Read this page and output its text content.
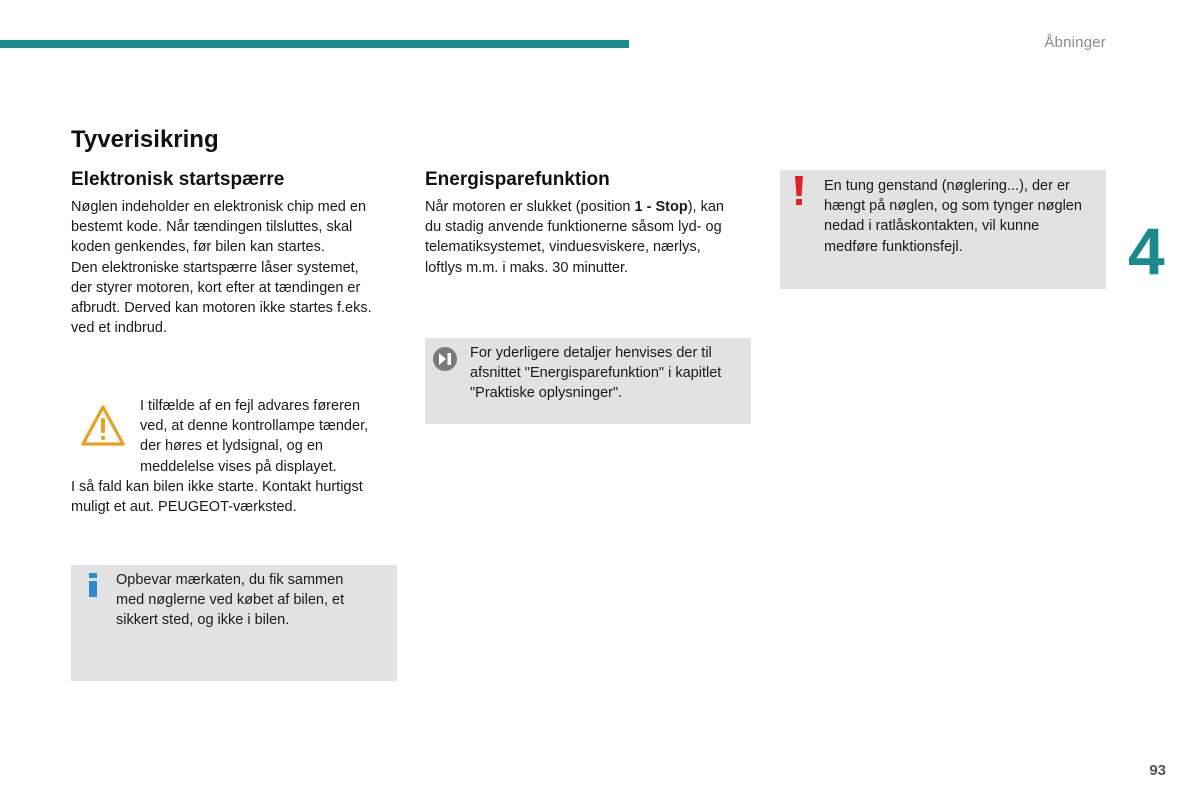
Åbninger
4
93
Tyverisikring
Elektronisk startspærre

Nøglen indeholder en elektronisk chip med en

bestemt kode. Når tændingen tilsluttes, skal

koden genkendes, før bilen kan startes.

Den elektroniske startspærre låser systemet,

der styrer motoren, kort efter at tændingen er

afbrudt. Derved kan motoren ikke startes f.eks.

ved et indbrud.

I tilfælde af en fejl advares føreren

ved, at denne kontrollampe tænder,

der høres et lydsignal, og en

meddelelse vises på displayet.

I så fald kan bilen ikke starte. Kontakt hurtigst

muligt et aut. PEUGEOT-værksted.

Opbevar mærkaten, du fik sammen
med nøglerne ved købet af bilen, et
sikkert sted, og ikke i bilen.
Energisparefunktion

Når motoren er slukket (position 1 - Stop), kan

du stadig anvende funktionerne såsom lyd- og

telematiksystemet, vinduesviskere, nærlys,

loftlys m.m. i maks. 30 minutter.

For yderligere detaljer henvises der til
afsnittet "Energisparefunktion" i kapitlet
"Praktiske oplysninger".
En tung genstand (nøglering...), der er
hængt på nøglen, og som tynger nøglen
nedad i ratlåskontakten, vil kunne
medføre funktionsfejl.
